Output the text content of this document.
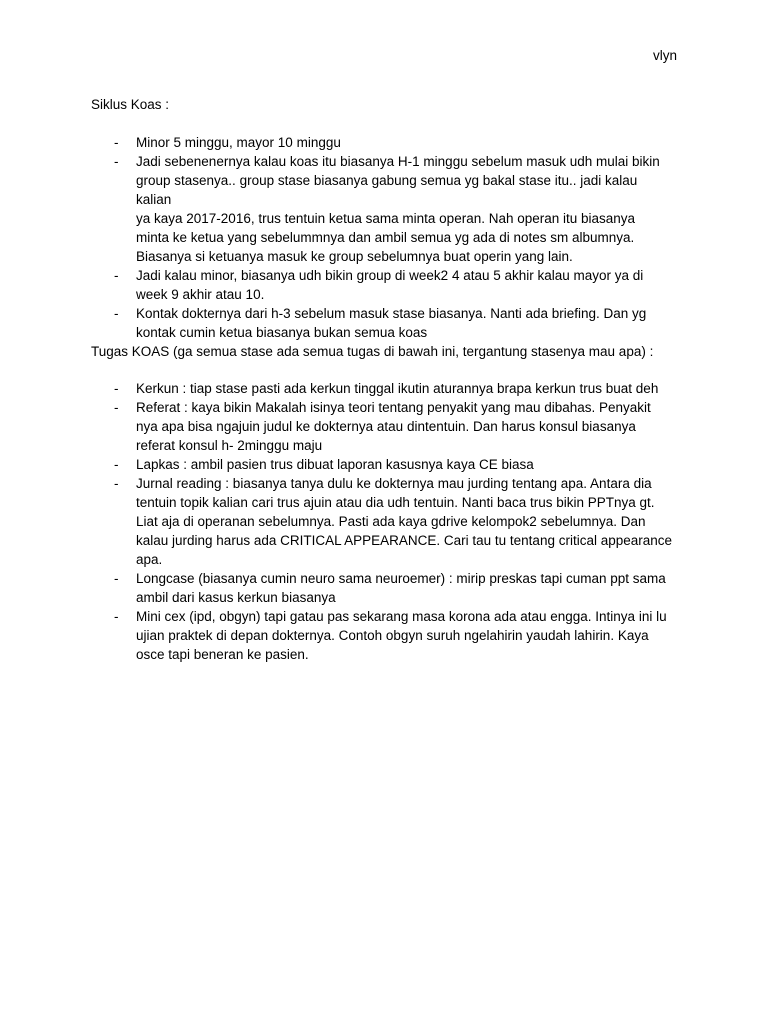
vlyn
Siklus Koas :
- Minor 5 minggu, mayor 10 minggu
- Jadi sebenenernya kalau koas itu biasanya H-1 minggu sebelum masuk udh mulai bikin
group stasenya.. group stase biasanya gabung semua yg bakal stase itu.. jadi kalau kalian
ya kaya 2017-2016, trus tentuin ketua sama minta operan. Nah operan itu biasanya
minta ke ketua yang sebelummnya dan ambil semua yg ada di notes sm albumnya.
Biasanya si ketuanya masuk ke group sebelumnya buat operin yang lain.
- Jadi kalau minor, biasanya udh bikin group di week2 4 atau 5 akhir kalau mayor ya di
week 9 akhir atau 10.
- Kontak dokternya dari h-3 sebelum masuk stase biasanya. Nanti ada briefing. Dan yg
kontak cumin ketua biasanya bukan semua koas
Tugas KOAS (ga semua stase ada semua tugas di bawah ini, tergantung stasenya mau apa) :
- Kerkun : tiap stase pasti ada kerkun tinggal ikutin aturannya brapa kerkun trus buat deh
- Referat : kaya bikin Makalah isinya teori tentang penyakit yang mau dibahas. Penyakit
nya apa bisa ngajuin judul ke dokternya atau dintentuin. Dan harus konsul biasanya
referat konsul h- 2minggu maju
- Lapkas : ambil pasien trus dibuat laporan kasusnya kaya CE biasa
- Jurnal reading : biasanya tanya dulu ke dokternya mau jurding tentang apa. Antara dia
tentuin topik kalian cari trus ajuin atau dia udh tentuin. Nanti baca trus bikin PPTnya gt.
Liat aja di operanan sebelumnya. Pasti ada kaya gdrive kelompok2 sebelumnya. Dan
kalau jurding harus ada CRITICAL APPEARANCE. Cari tau tu tentang critical appearance
apa.
- Longcase (biasanya cumin neuro sama neuroemer) : mirip preskas tapi cuman ppt sama
ambil dari kasus kerkun biasanya
- Mini cex (ipd, obgyn) tapi gatau pas sekarang masa korona ada atau engga. Intinya ini lu
ujian praktek di depan dokternya. Contoh obgyn suruh ngelahirin yaudah lahirin. Kaya
osce tapi beneran ke pasien.
